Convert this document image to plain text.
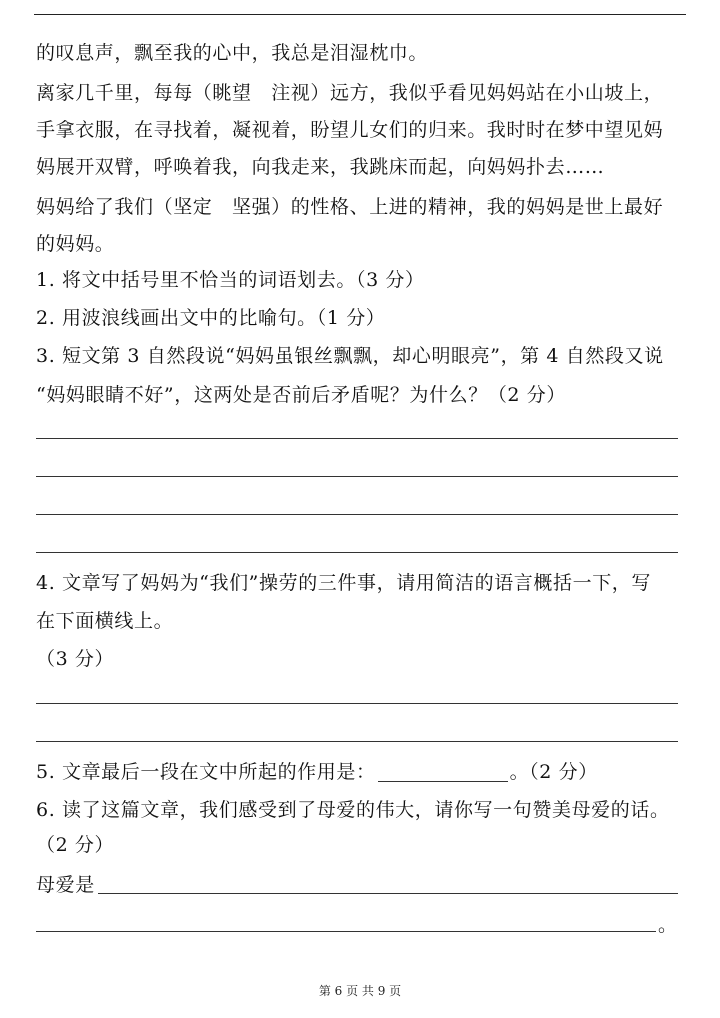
的叹息声，飘至我的心中，我总是泪湿枕巾。
离家几千里，每每（眺望　注视）远方，我似乎看见妈妈站在小山坡上，
手拿衣服，在寻找着，凝视着，盼望儿女们的归来。我时时在梦中望见妈
妈展开双臂，呼唤着我，向我走来，我跳床而起，向妈妈扑去……
妈妈给了我们（坚定　坚强）的性格、上进的精神，我的妈妈是世上最好
的妈妈。
1. 将文中括号里不恰当的词语划去。（3 分）
2. 用波浪线画出文中的比喻句。（1 分）
3. 短文第 3 自然段说“妈妈虽银丝飘飘，却心明眼亮”，第 4 自然段又说
“妈妈眼睛不好”，这两处是否前后矛盾呢？为什么？（2 分）
4. 文章写了妈妈为“我们”操劳的三件事，请用简洁的语言概括一下，写
在下面横线上。
（3 分）
5. 文章最后一段在文中所起的作用是：	。（2 分）
6. 读了这篇文章，我们感受到了母爱的伟大，请你写一句赞美母爱的话。
（2 分）
母爱是
。
第 6 页 共 9 页
